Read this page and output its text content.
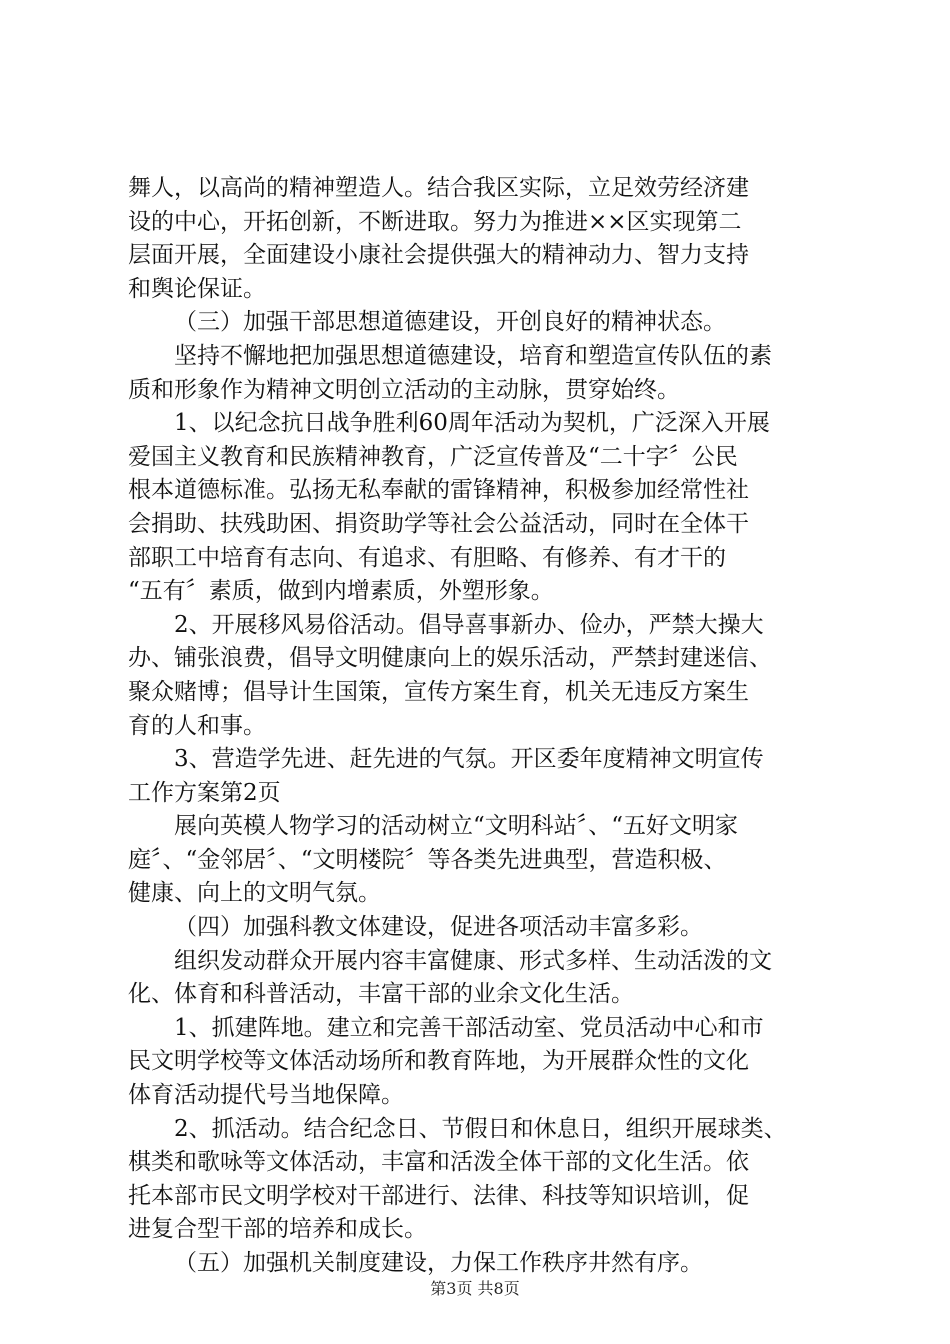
舞人，以高尚的精神塑造人。结合我区实际，立足效劳经济建
设的中心，开拓创新，不断进取。努力为推进××区实现第二
层面开展，全面建设小康社会提供强大的精神动力、智力支持
和舆论保证。
（三）加强干部思想道德建设，开创良好的精神状态。
坚持不懈地把加强思想道德建设，培育和塑造宣传队伍的素
质和形象作为精神文明创立活动的主动脉，贯穿始终。
1、以纪念抗日战争胜利60周年活动为契机，广泛深入开展
爱国主义教育和民族精神教育，广泛宣传普及“二十字〞公民
根本道德标准。弘扬无私奉献的雷锋精神，积极参加经常性社
会捐助、扶残助困、捐资助学等社会公益活动，同时在全体干
部职工中培育有志向、有追求、有胆略、有修养、有才干的
“五有〞素质，做到内增素质，外塑形象。
2、开展移风易俗活动。倡导喜事新办、俭办，严禁大操大
办、铺张浪费，倡导文明健康向上的娱乐活动，严禁封建迷信、
聚众赌博；倡导计生国策，宣传方案生育，机关无违反方案生
育的人和事。
3、营造学先进、赶先进的气氛。开区委年度精神文明宣传
工作方案第2页
展向英模人物学习的活动树立“文明科站〞、“五好文明家
庭〞、“金邻居〞、“文明楼院〞等各类先进典型，营造积极、
健康、向上的文明气氛。
（四）加强科教文体建设，促进各项活动丰富多彩。
组织发动群众开展内容丰富健康、形式多样、生动活泼的文
化、体育和科普活动，丰富干部的业余文化生活。
1、抓建阵地。建立和完善干部活动室、党员活动中心和市
民文明学校等文体活动场所和教育阵地，为开展群众性的文化
体育活动提代号当地保障。
2、抓活动。结合纪念日、节假日和休息日，组织开展球类、
棋类和歌咏等文体活动，丰富和活泼全体干部的文化生活。依
托本部市民文明学校对干部进行、法律、科技等知识培训，促
进复合型干部的培养和成长。
（五）加强机关制度建设，力保工作秩序井然有序。
第3页 共8页
